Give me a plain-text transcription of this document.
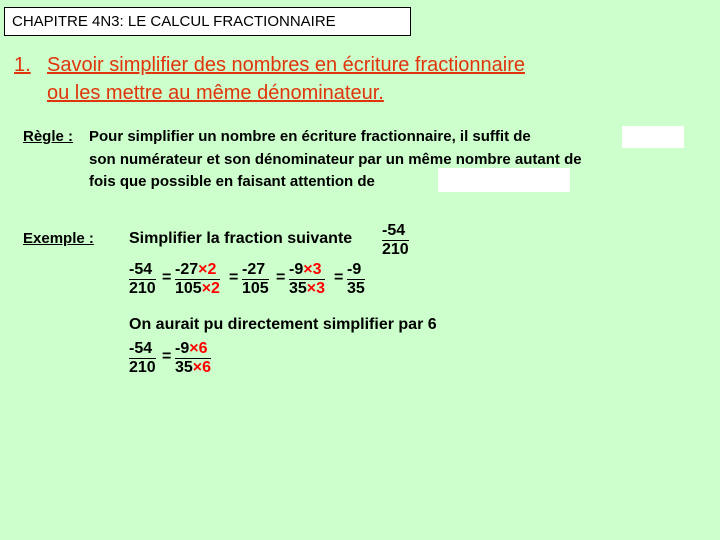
CHAPITRE 4N3: LE CALCUL FRACTIONNAIRE
1. Savoir simplifier des nombres en écriture fractionnaire
ou les mettre au même dénominateur.
Règle : Pour simplifier un nombre en écriture fractionnaire, il suffit de
son numérateur et son dénominateur par un même nombre autant de
fois que possible en faisant attention de
Exemple : Simplifier la fraction suivante $\frac{-54}{210}$
$\frac{-54}{210} = \frac{-27\times 2}{105\times 2} = \frac{-27}{105} = \frac{-9\times 3}{35\times 3} = \frac{-9}{35}$
On aurait pu directement simplifier par 6
$\frac{-54}{210} = \frac{-9\times 6}{35\times 6}$
